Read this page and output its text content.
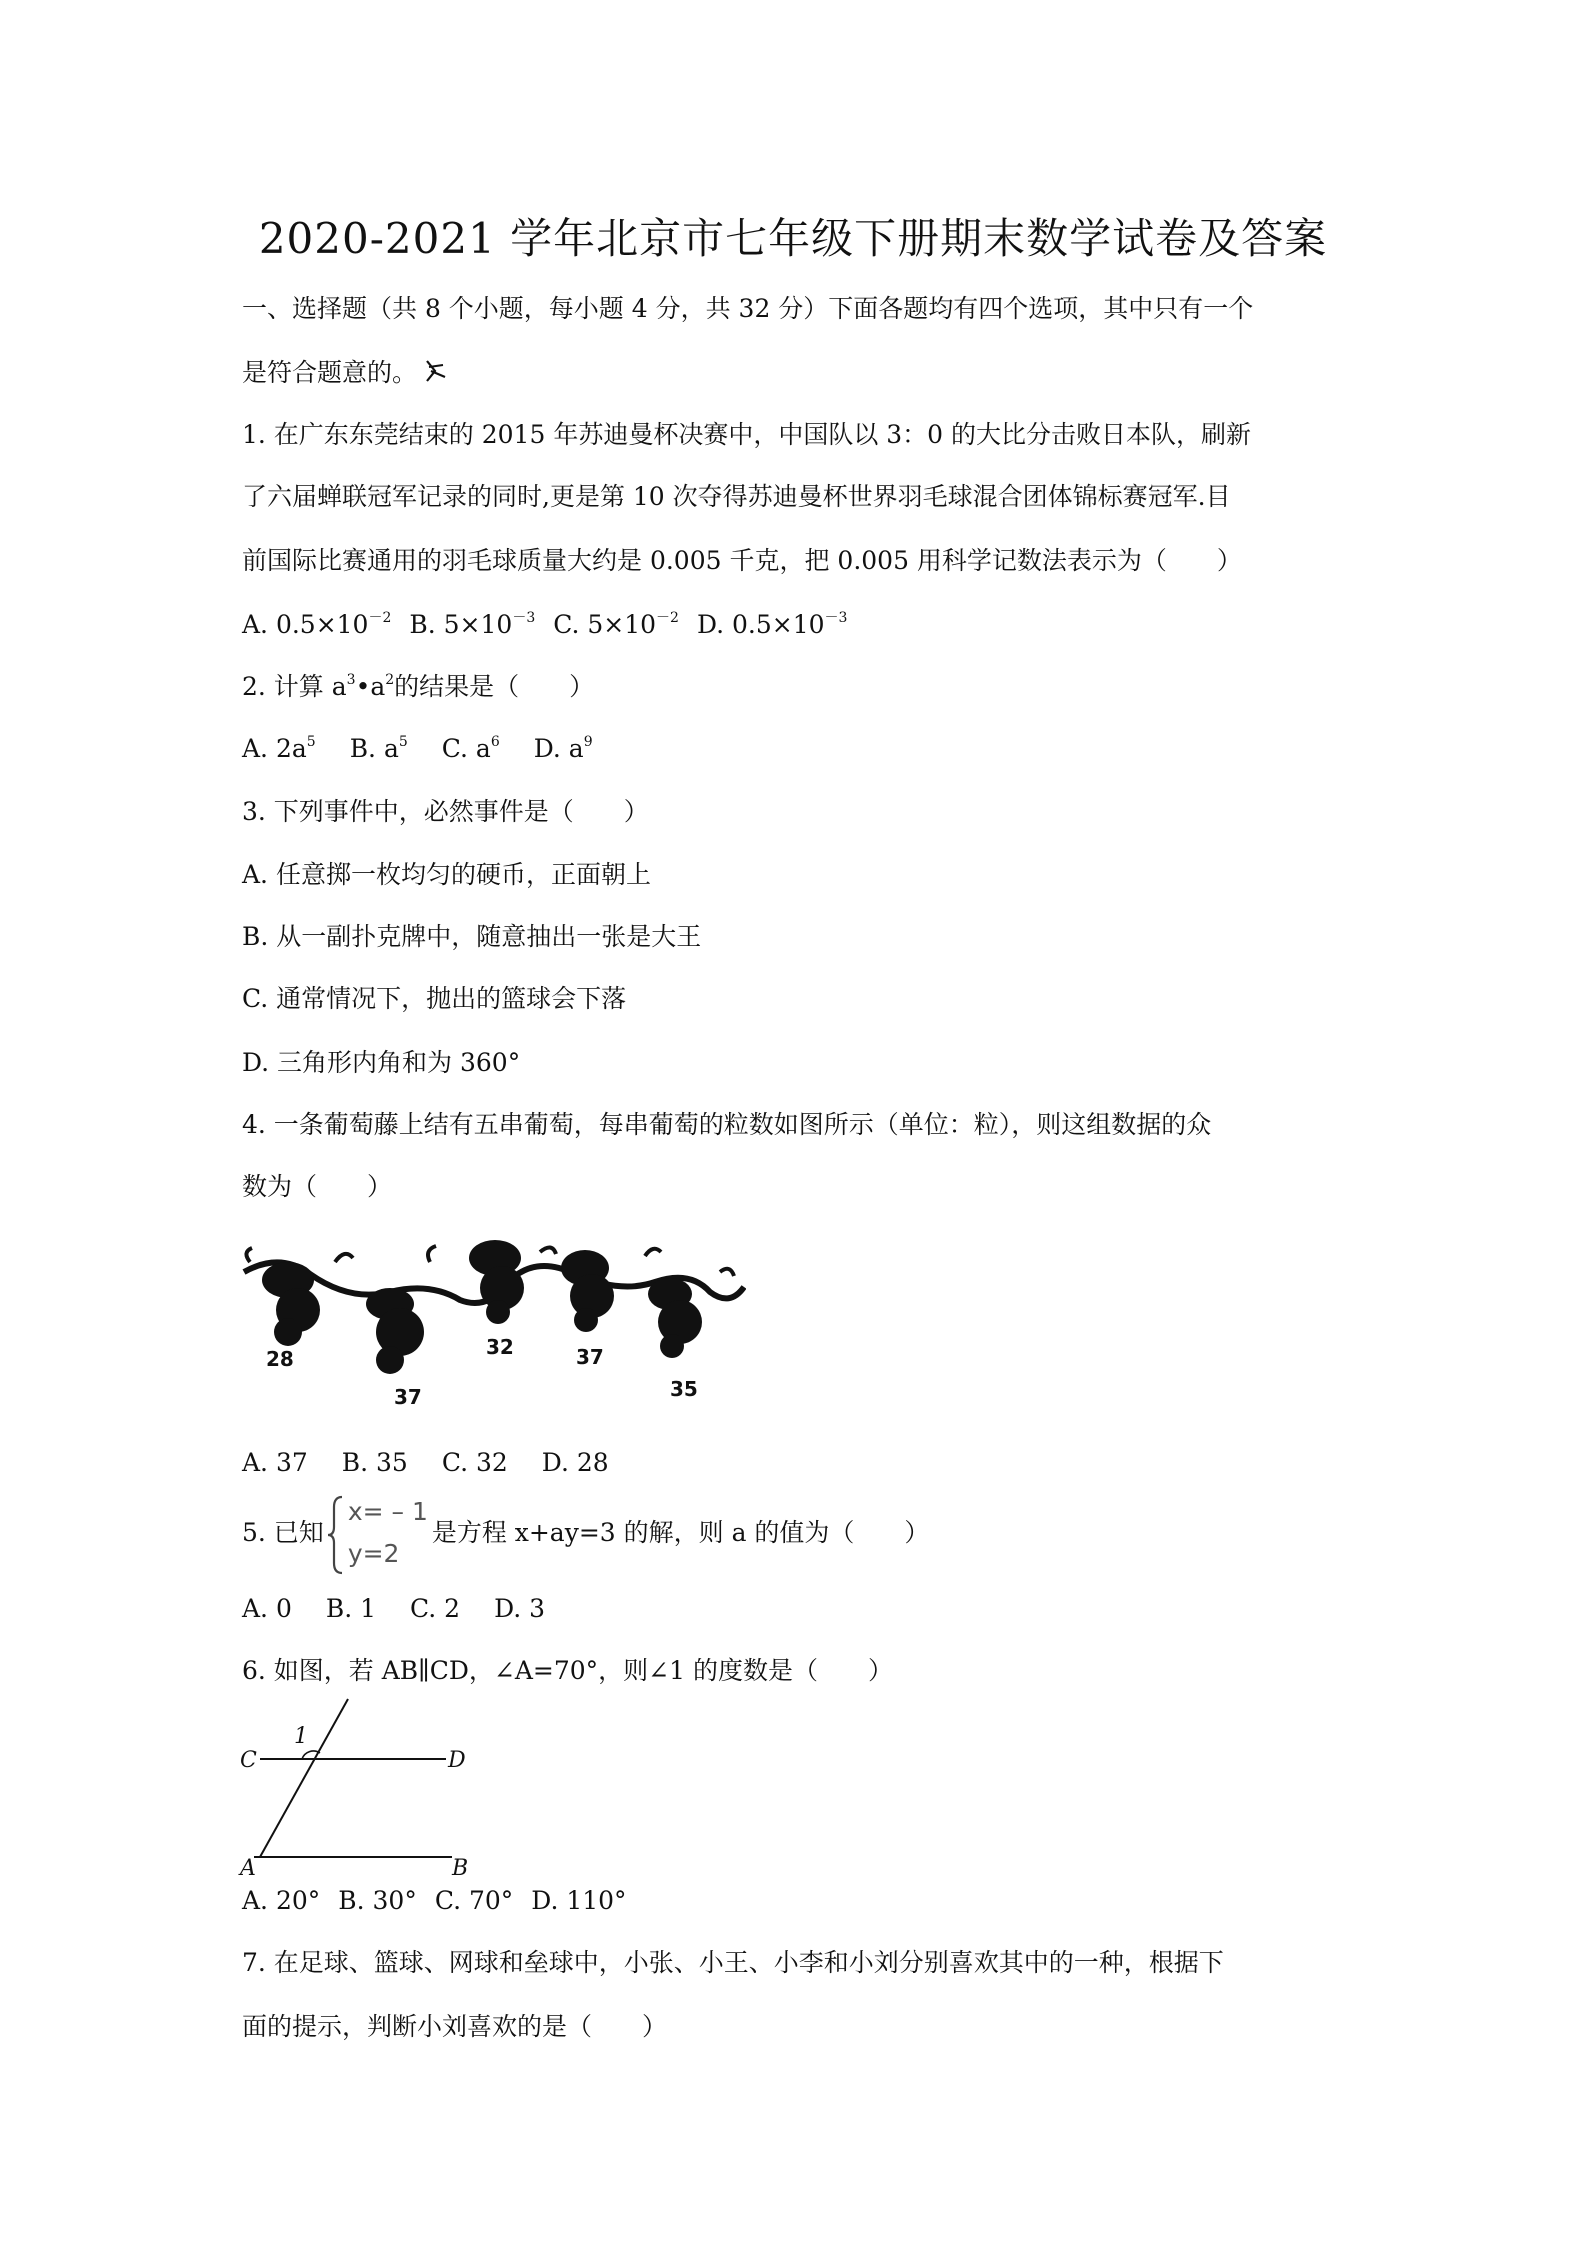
2020-2021 学年北京市七年级下册期末数学试卷及答案
一、选择题（共 8 个小题，每小题 4 分，共 32 分）下面各题均有四个选项，其中只有一个
是符合题意的。
1. 在广东东莞结束的 2015 年苏迪曼杯决赛中，中国队以 3：0 的大比分击败日本队，刷新
了六届蝉联冠军记录的同时,更是第 10 次夺得苏迪曼杯世界羽毛球混合团体锦标赛冠军.目
前国际比赛通用的羽毛球质量大约是 0.005 千克，把 0.005 用科学记数法表示为（　　）
A. $0.5\times 10^{-2}$ B. $5\times 10^{-3}$ C. $5\times 10^{-2}$ D. $0.5\times 10^{-3}$
2. 计算 $a^3•a^2$的结果是（　　）
A. $2a^5$ B. $a^5$ C. $a^6$ D. $a^9$
3. 下列事件中，必然事件是（　　）
A. 任意掷一枚均匀的硬币，正面朝上
B. 从一副扑克牌中，随意抽出一张是大王
C. 通常情况下，抛出的篮球会下落
D. 三角形内角和为 360°
4. 一条葡萄藤上结有五串葡萄，每串葡萄的粒数如图所示（单位：粒），则这组数据的众
数为（　　）
28
37
32	37
35
A. 37 B. 35 C. 32 D. 28
5. 已知
x= – 1
y=2
是方程 x+ay=3 的解，则 a 的值为（　　）
A. 0 B. 1 C. 2 D. 3
6. 如图，若 AB∥CD，∠A=70°，则∠1 的度数是（　　）
1
C	D
A	B
A. 20° B. 30° C. 70° D. 110°
7. 在足球、篮球、网球和垒球中，小张、小王、小李和小刘分别喜欢其中的一种，根据下
面的提示，判断小刘喜欢的是（　　）
